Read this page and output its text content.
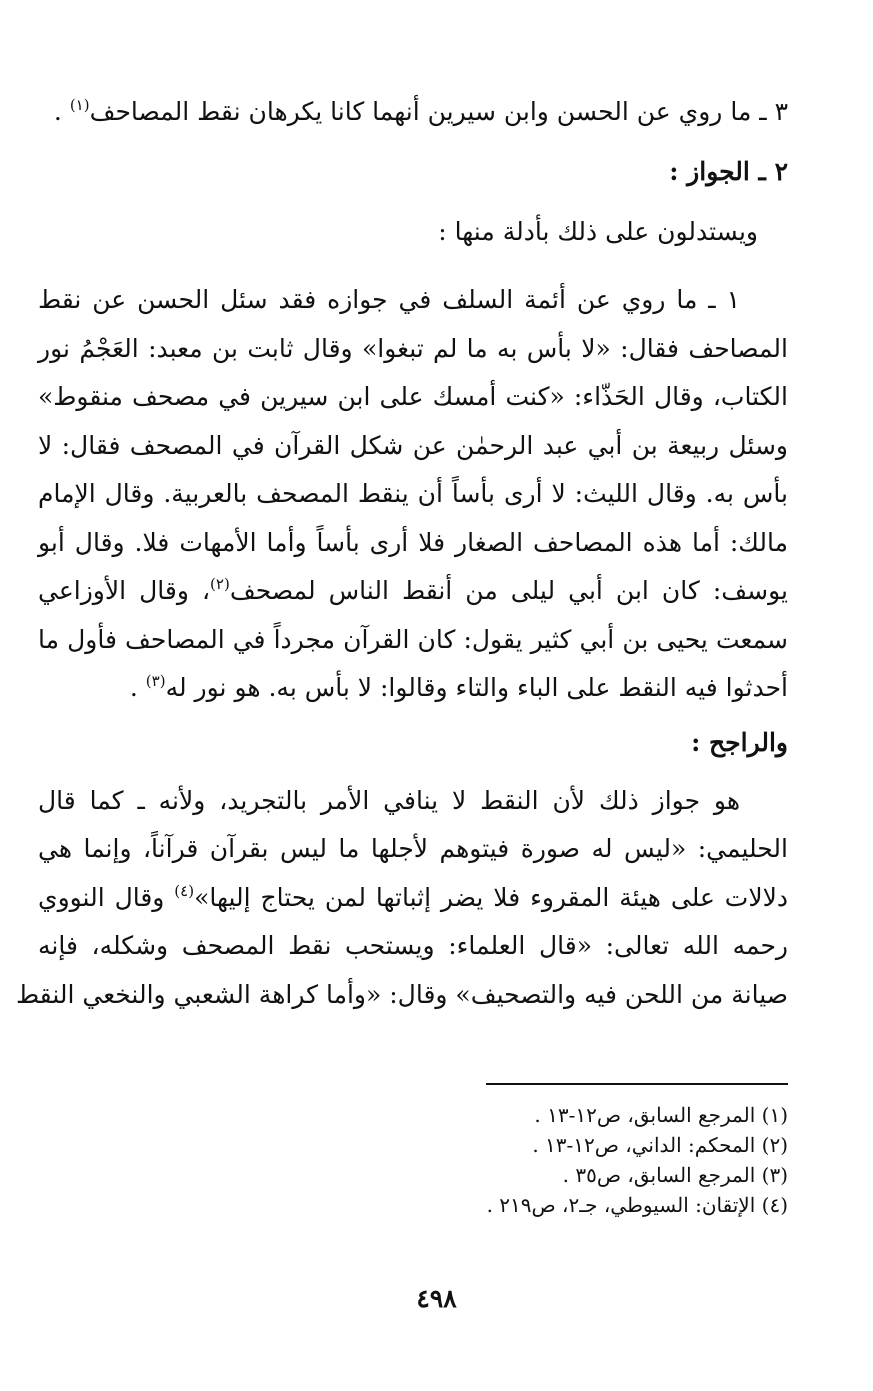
٣ ـ ما روي عن الحسن وابن سيرين أنهما كانا يكرهان نقط المصاحف$^{(١)}$ .
٢ ـ الجواز :
ويستدلون على ذلك بأدلة منها :
١ ـ ما روي عن أئمة السلف في جوازه فقد سئل الحسن عن نقط
المصاحف فقال: «لا بأس به ما لم تبغوا» وقال ثابت بن معبد: العَجْمُ نور
الكتاب، وقال الحَذّاء: «كنت أمسك على ابن سيرين في مصحف منقوط»
وسئل ربيعة بن أبي عبد الرحمٰن عن شكل القرآن في المصحف فقال: لا
بأس به. وقال الليث: لا أرى بأساً أن ينقط المصحف بالعربية. وقال الإمام
مالك: أما هذه المصاحف الصغار فلا أرى بأساً وأما الأمهات فلا. وقال أبو
يوسف: كان ابن أبي ليلى من أنقط الناس لمصحف$^{(٢)}$، وقال الأوزاعي
سمعت يحيى بن أبي كثير يقول: كان القرآن مجرداً في المصاحف فأول ما
أحدثوا فيه النقط على الباء والتاء وقالوا: لا بأس به. هو نور له$^{(٣)}$ .
والراجح :
هو جواز ذلك لأن النقط لا ينافي الأمر بالتجريد، ولأنه ـ كما قال
الحليمي: «ليس له صورة فيتوهم لأجلها ما ليس بقرآن قرآناً، وإنما هي
دلالات على هيئة المقروء فلا يضر إثباتها لمن يحتاج إليها»$^{(٤)}$ وقال النووي
رحمه الله تعالى: «قال العلماء: ويستحب نقط المصحف وشكله، فإنه
صيانة من اللحن فيه والتصحيف» وقال: «وأما كراهة الشعبي والنخعي النقط
(١) المرجع السابق، ص١٢-١٣ .
(٢) المحكم: الداني، ص١٢-١٣ .
(٣) المرجع السابق، ص٣٥ .
(٤) الإتقان: السيوطي، جـ٢، ص٢١٩ .
٤٩٨
